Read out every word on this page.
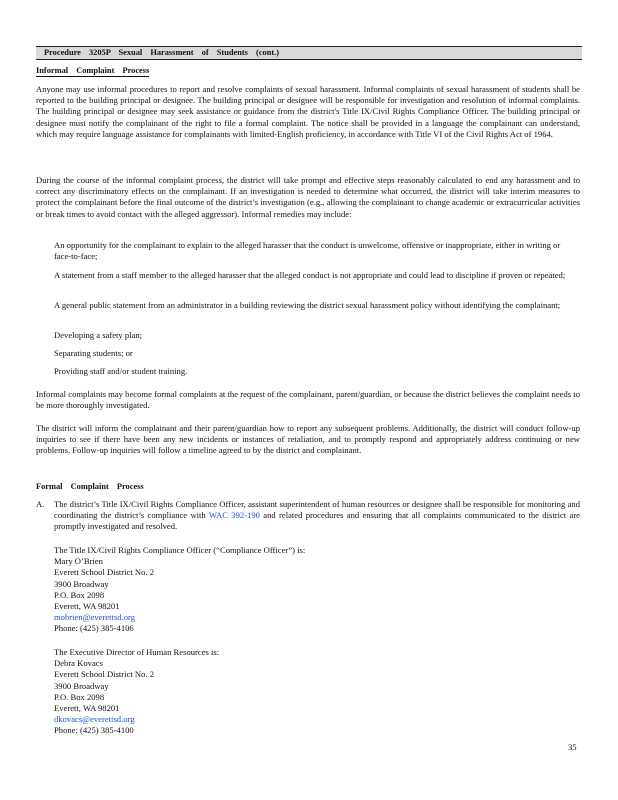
Procedure 3205P Sexual Harassment of Students (cont.)
Informal Complaint Process
Anyone may use informal procedures to report and resolve complaints of sexual harassment. Informal complaints of sexual harassment of students shall be reported to the building principal or designee. The building principal or designee will be responsible for investigation and resolution of informal complaints. The building principal or designee may seek assistance or guidance from the district's Title IX/Civil Rights Compliance Officer. The building principal or designee must notify the complainant of the right to file a formal complaint. The notice shall be provided in a language the complainant can understand, which may require language assistance for complainants with limited-English proficiency, in accordance with Title VI of the Civil Rights Act of 1964.
During the course of the informal complaint process, the district will take prompt and effective steps reasonably calculated to end any harassment and to correct any discriminatory effects on the complainant. If an investigation is needed to determine what occurred, the district will take interim measures to protect the complainant before the final outcome of the district’s investigation (e.g., allowing the complainant to change academic or extracurricular activities or break times to avoid contact with the alleged aggressor). Informal remedies may include:
An opportunity for the complainant to explain to the alleged harasser that the conduct is unwelcome, offensive or inappropriate, either in writing or face-to-face;
A statement from a staff member to the alleged harasser that the alleged conduct is not appropriate and could lead to discipline if proven or repeated;
A general public statement from an administrator in a building reviewing the district sexual harassment policy without identifying the complainant;
Developing a safety plan;
Separating students; or
Providing staff and/or student training.
Informal complaints may become formal complaints at the request of the complainant, parent/guardian, or because the district believes the complaint needs to be more thoroughly investigated.
The district will inform the complainant and their parent/guardian how to report any subsequent problems. Additionally, the district will conduct follow-up inquiries to see if there have been any new incidents or instances of retaliation, and to promptly respond and appropriately address continuing or new problems. Follow-up inquiries will follow a timeline agreed to by the district and complainant.
Formal Complaint Process
A. The district’s Title IX/Civil Rights Compliance Officer, assistant superintendent of human resources or designee shall be responsible for monitoring and coordinating the district’s compliance with WAC 392-190 and related procedures and ensuring that all complaints communicated to the district are promptly investigated and resolved.
The Title IX/Civil Rights Compliance Officer (“Compliance Officer”) is:
Mary O’Brien
Everett School District No. 2
3900 Broadway
P.O. Box 2098
Everett, WA 98201
mobrien@everettsd.org
Phone: (425) 385-4106
The Executive Director of Human Resources is:
Debra Kovacs
Everett School District No. 2
3900 Broadway
P.O. Box 2098
Everett, WA 98201
dkovacs@everettsd.org
Phone: (425) 385-4100
35
